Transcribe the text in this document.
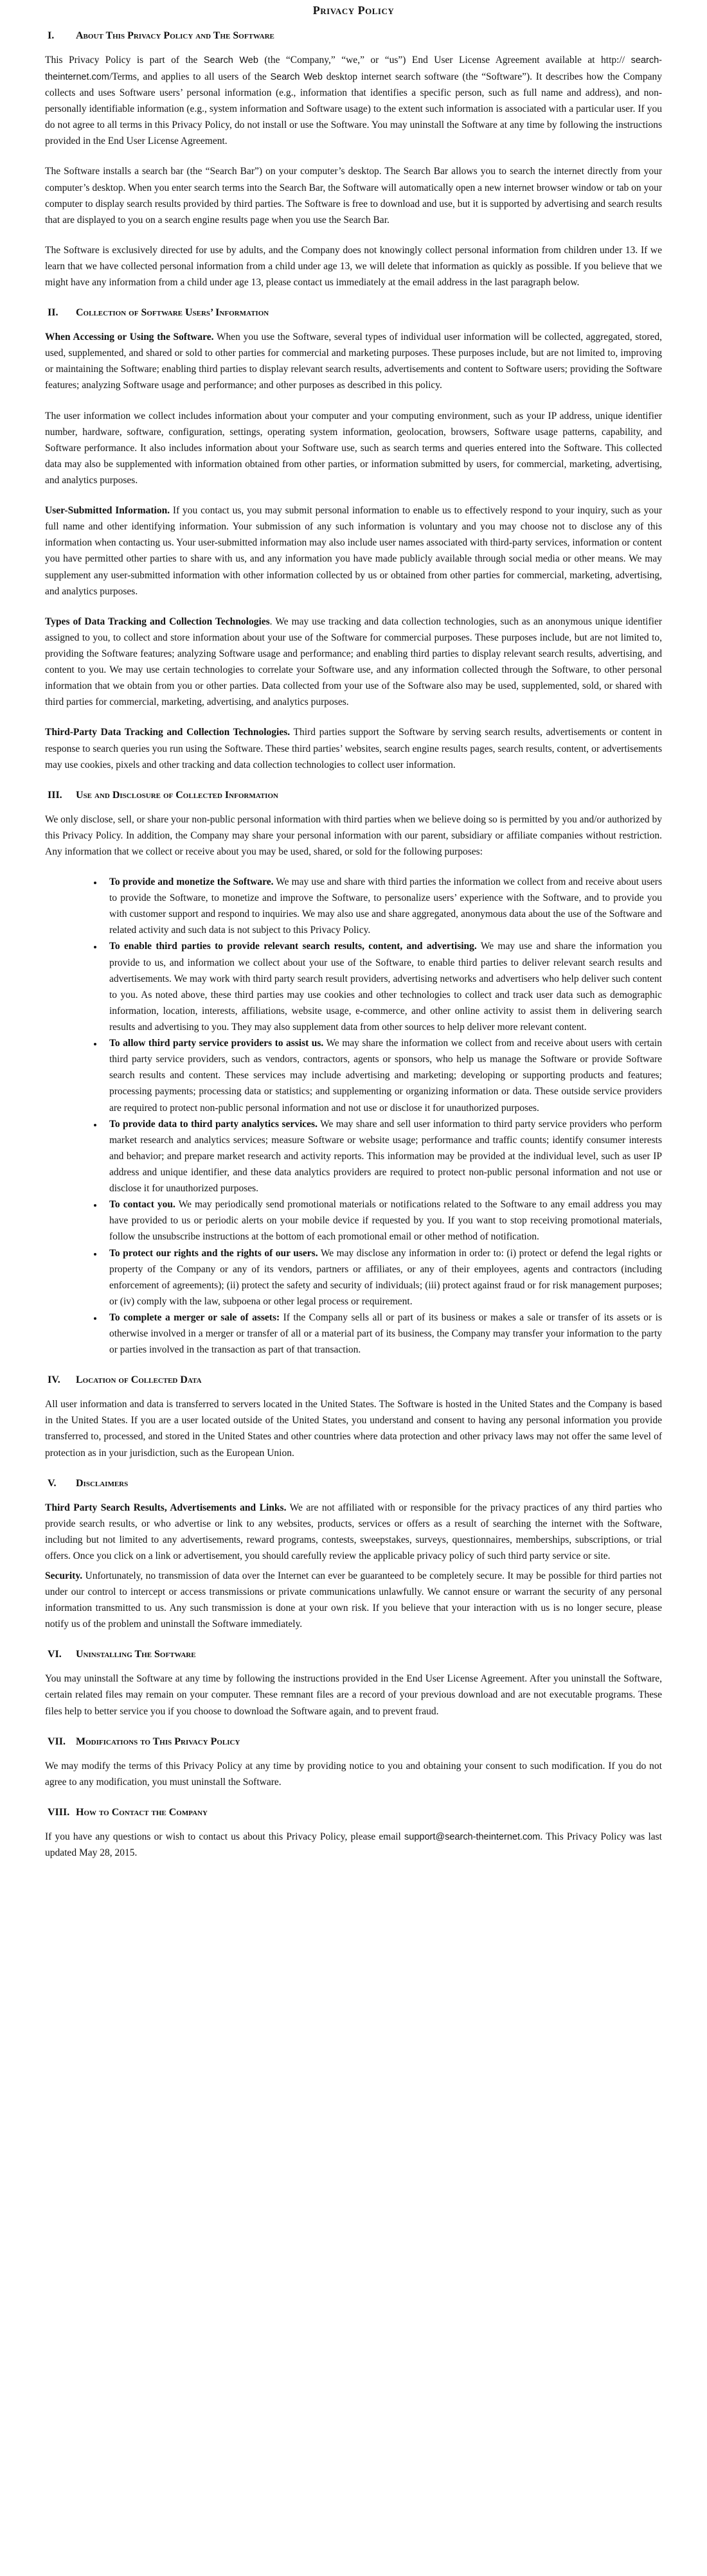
Privacy Policy
I.	About This Privacy Policy and The Software

This Privacy Policy is part of the Search Web (the “Company,” “we,” or “us”) End User License Agreement available at http:// search-theinternet.com/Terms, and applies to all users of the Search Web desktop internet search software (the “Software”). It describes how the Company collects and uses Software users’ personal information (e.g., information that identifies a specific person, such as full name and address), and non-personally identifiable information (e.g., system information and Software usage) to the extent such information is associated with a particular user. If you do not agree to all terms in this Privacy Policy, do not install or use the Software. You may uninstall the Software at any time by following the instructions provided in the End User License Agreement.

The Software installs a search bar (the “Search Bar”) on your computer’s desktop. The Search Bar allows you to search the internet directly from your computer’s desktop. When you enter search terms into the Search Bar, the Software will automatically open a new internet browser window or tab on your computer to display search results provided by third parties. The Software is free to download and use, but it is supported by advertising and search results that are displayed to you on a search engine results page when you use the Search Bar.

The Software is exclusively directed for use by adults, and the Company does not knowingly collect personal information from children under 13. If we learn that we have collected personal information from a child under age 13, we will delete that information as quickly as possible. If you believe that we might have any information from a child under age 13, please contact us immediately at the email address in the last paragraph below.

II.	Collection of Software Users’ Information

When Accessing or Using the Software. When you use the Software, several types of individual user information will be collected, aggregated, stored, used, supplemented, and shared or sold to other parties for commercial and marketing purposes. These purposes include, but are not limited to, improving or maintaining the Software; enabling third parties to display relevant search results, advertisements and content to Software users; providing the Software features; analyzing Software usage and performance; and other purposes as described in this policy.

The user information we collect includes information about your computer and your computing environment, such as your IP address, unique identifier number, hardware, software, configuration, settings, operating system information, geolocation, browsers, Software usage patterns, capability, and Software performance. It also includes information about your Software use, such as search terms and queries entered into the Software. This collected data may also be supplemented with information obtained from other parties, or information submitted by users, for commercial, marketing, advertising, and analytics purposes.

User-Submitted Information. If you contact us, you may submit personal information to enable us to effectively respond to your inquiry, such as your full name and other identifying information. Your submission of any such information is voluntary and you may choose not to disclose any of this information when contacting us. Your user-submitted information may also include user names associated with third-party services, information or content you have permitted other parties to share with us, and any information you have made publicly available through social media or other means. We may supplement any user-submitted information with other information collected by us or obtained from other parties for commercial, marketing, advertising, and analytics purposes.

Types of Data Tracking and Collection Technologies. We may use tracking and data collection technologies, such as an anonymous unique identifier assigned to you, to collect and store information about your use of the Software for commercial purposes. These purposes include, but are not limited to, providing the Software features; analyzing Software usage and performance; and enabling third parties to display relevant search results, advertising, and content to you. We may use certain technologies to correlate your Software use, and any information collected through the Software, to other personal information that we obtain from you or other parties. Data collected from your use of the Software also may be used, supplemented, sold, or shared with third parties for commercial, marketing, advertising, and analytics purposes.

Third-Party Data Tracking and Collection Technologies. Third parties support the Software by serving search results, advertisements or content in response to search queries you run using the Software. These third parties’ websites, search engine results pages, search results, content, or advertisements may use cookies, pixels and other tracking and data collection technologies to collect user information.

III.	Use and Disclosure of Collected Information

We only disclose, sell, or share your non-public personal information with third parties when we believe doing so is permitted by you and/or authorized by this Privacy Policy. In addition, the Company may share your personal information with our parent, subsidiary or affiliate companies without restriction. Any information that we collect or receive about you may be used, shared, or sold for the following purposes:

• To provide and monetize the Software. We may use and share with third parties the information we collect from and receive about users to provide the Software, to monetize and improve the Software, to personalize users’ experience with the Software, and to provide you with customer support and respond to inquiries. We may also use and share aggregated, anonymous data about the use of the Software and related activity and such data is not subject to this Privacy Policy.
• To enable third parties to provide relevant search results, content, and advertising. We may use and share the information you provide to us, and information we collect about your use of the Software, to enable third parties to deliver relevant search results and advertisements. We may work with third party search result providers, advertising networks and advertisers who help deliver such content to you. As noted above, these third parties may use cookies and other technologies to collect and track user data such as demographic information, location, interests, affiliations, website usage, e-commerce, and other online activity to assist them in delivering search results and advertising to you. They may also supplement data from other sources to help deliver more relevant content.
• To allow third party service providers to assist us. We may share the information we collect from and receive about users with certain third party service providers, such as vendors, contractors, agents or sponsors, who help us manage the Software or provide Software search results and content. These services may include advertising and marketing; developing or supporting products and features; processing payments; processing data or statistics; and supplementing or organizing information or data. These outside service providers are required to protect non-public personal information and not use or disclose it for unauthorized purposes.
• To provide data to third party analytics services. We may share and sell user information to third party service providers who perform market research and analytics services; measure Software or website usage; performance and traffic counts; identify consumer interests and behavior; and prepare market research and activity reports. This information may be provided at the individual level, such as user IP address and unique identifier, and these data analytics providers are required to protect non-public personal information and not use or disclose it for unauthorized purposes.
• To contact you. We may periodically send promotional materials or notifications related to the Software to any email address you may have provided to us or periodic alerts on your mobile device if requested by you. If you want to stop receiving promotional materials, follow the unsubscribe instructions at the bottom of each promotional email or other method of notification.
• To protect our rights and the rights of our users. We may disclose any information in order to: (i) protect or defend the legal rights or property of the Company or any of its vendors, partners or affiliates, or any of their employees, agents and contractors (including enforcement of agreements); (ii) protect the safety and security of individuals; (iii) protect against fraud or for risk management purposes; or (iv) comply with the law, subpoena or other legal process or requirement.
• To complete a merger or sale of assets: If the Company sells all or part of its business or makes a sale or transfer of its assets or is otherwise involved in a merger or transfer of all or a material part of its business, the Company may transfer your information to the party or parties involved in the transaction as part of that transaction.
IV.	Location of Collected Data

All user information and data is transferred to servers located in the United States. The Software is hosted in the United States and the Company is based in the United States. If you are a user located outside of the United States, you understand and consent to having any personal information you provide transferred to, processed, and stored in the United States and other countries where data protection and other privacy laws may not offer the same level of protection as in your jurisdiction, such as the European Union.

V.	Disclaimers

Third Party Search Results, Advertisements and Links. We are not affiliated with or responsible for the privacy practices of any third parties who provide search results, or who advertise or link to any websites, products, services or offers as a result of searching the internet with the Software, including but not limited to any advertisements, reward programs, contests, sweepstakes, surveys, questionnaires, memberships, subscriptions, or trial offers. Once you click on a link or advertisement, you should carefully review the applicable privacy policy of such third party service or site.

Security. Unfortunately, no transmission of data over the Internet can ever be guaranteed to be completely secure. It may be possible for third parties not under our control to intercept or access transmissions or private communications unlawfully. We cannot ensure or warrant the security of any personal information transmitted to us. Any such transmission is done at your own risk. If you believe that your interaction with us is no longer secure, please notify us of the problem and uninstall the Software immediately.

VI.	Uninstalling The Software

You may uninstall the Software at any time by following the instructions provided in the End User License Agreement. After you uninstall the Software, certain related files may remain on your computer. These remnant files are a record of your previous download and are not executable programs. These files help to better service you if you choose to download the Software again, and to prevent fraud.

VII. Modifications to This Privacy Policy

We may modify the terms of this Privacy Policy at any time by providing notice to you and obtaining your consent to such modification. If you do not agree to any modification, you must uninstall the Software.

VIII. How to Contact the Company

If you have any questions or wish to contact us about this Privacy Policy, please email support@search-theinternet.com. This Privacy Policy was last updated May 28, 2015.
